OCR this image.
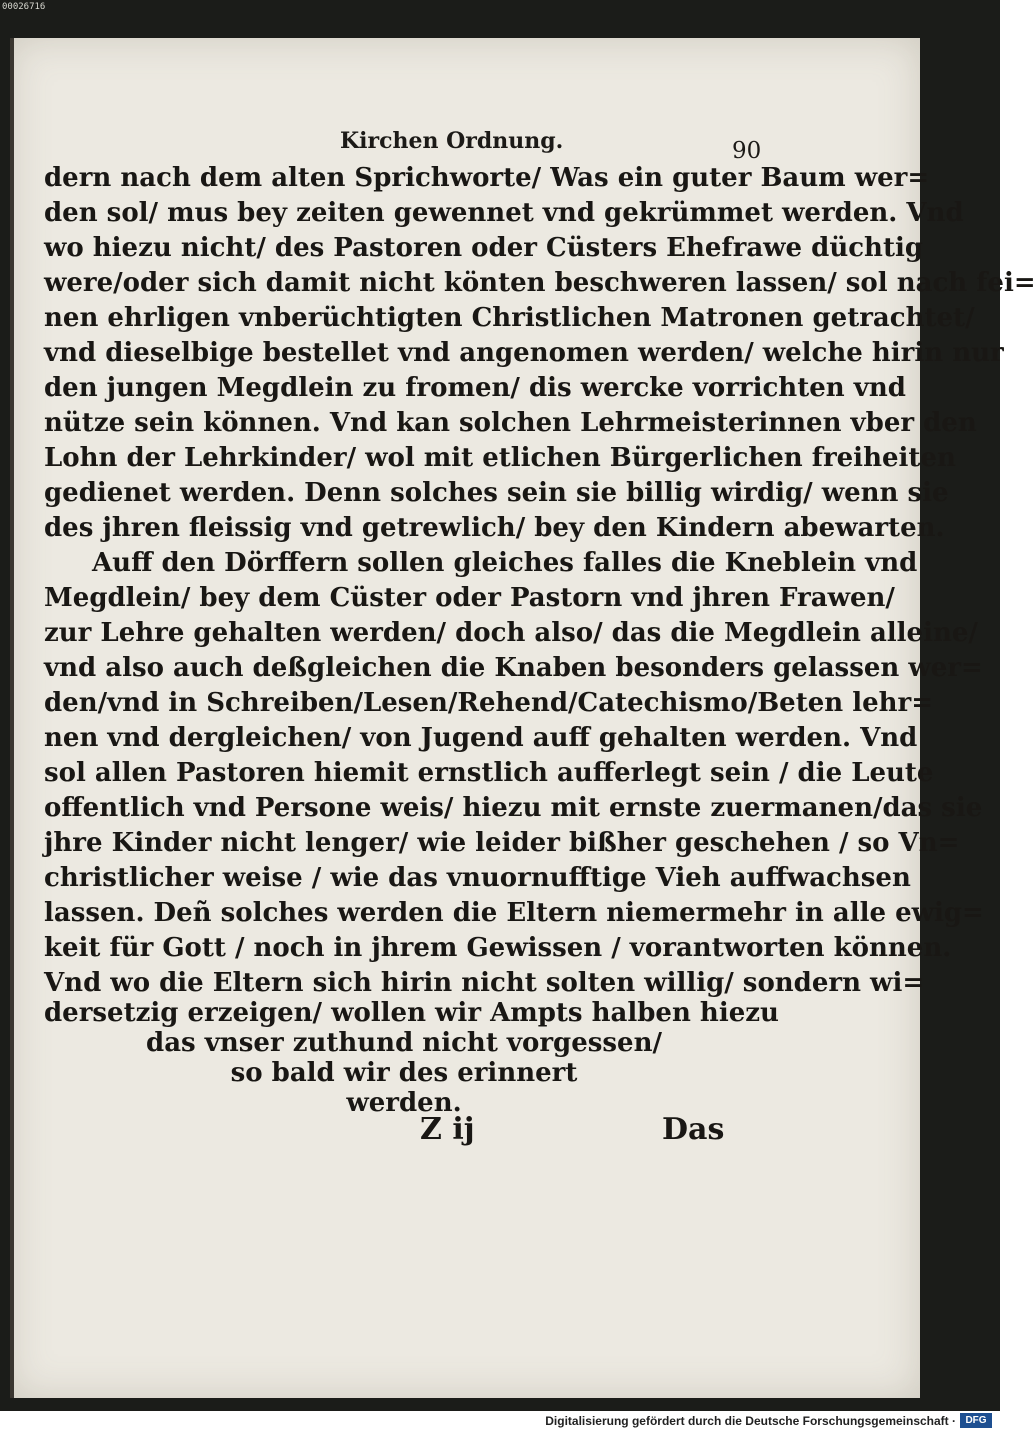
00026716
Kirchen Ordnung.	90
dern nach dem alten Sprichworte/ Was ein guter Baum wer=
den sol/ mus bey zeiten gewennet vnd gekrümmet werden. Vnd
wo hiezu nicht/ des Pastoren oder Cüsters Ehefrawe düchtig
were/oder sich damit nicht könten beschweren lassen/ sol nach fei=
nen ehrligen vnberüchtigten Christlichen Matronen getrachtet/
vnd dieselbige bestellet vnd angenomen werden/ welche hirin nur
den jungen Megdlein zu fromen/ dis wercke vorrichten vnd
nütze sein können. Vnd kan solchen Lehrmeisterinnen vber den
Lohn der Lehrkinder/ wol mit etlichen Bürgerlichen freiheiten
gedienet werden. Denn solches sein sie billig wirdig/ wenn sie
des jhren fleissig vnd getrewlich/ bey den Kindern abewarten.
Auff den Dörffern sollen gleiches falles die Kneblein vnd
Megdlein/ bey dem Cüster oder Pastorn vnd jhren Frawen/
zur Lehre gehalten werden/ doch also/ das die Megdlein alleine/
vnd also auch deßgleichen die Knaben besonders gelassen wer=
den/vnd in Schreiben/Lesen/Rehend/Catechismo/Beten lehr=
nen vnd dergleichen/ von Jugend auff gehalten werden. Vnd
sol allen Pastoren hiemit ernstlich aufferlegt sein / die Leute
offentlich vnd Persone weis/ hiezu mit ernste zuermanen/das sie
jhre Kinder nicht lenger/ wie leider bißher geschehen / so Vn=
christlicher weise / wie das vnuornufftige Vieh auffwachsen
lassen. Deñ solches werden die Eltern niemermehr in alle ewig=
keit für Gott / noch in jhrem Gewissen / vorantworten können.
Vnd wo die Eltern sich hirin nicht solten willig/ sondern wi=
dersetzig erzeigen/ wollen wir Ampts halben hiezu
das vnser zuthund nicht vorgessen/
so bald wir des erinnert
werden.
Z ij	Das
Digitalisierung gefördert durch die Deutsche Forschungsgemeinschaft · DFG
